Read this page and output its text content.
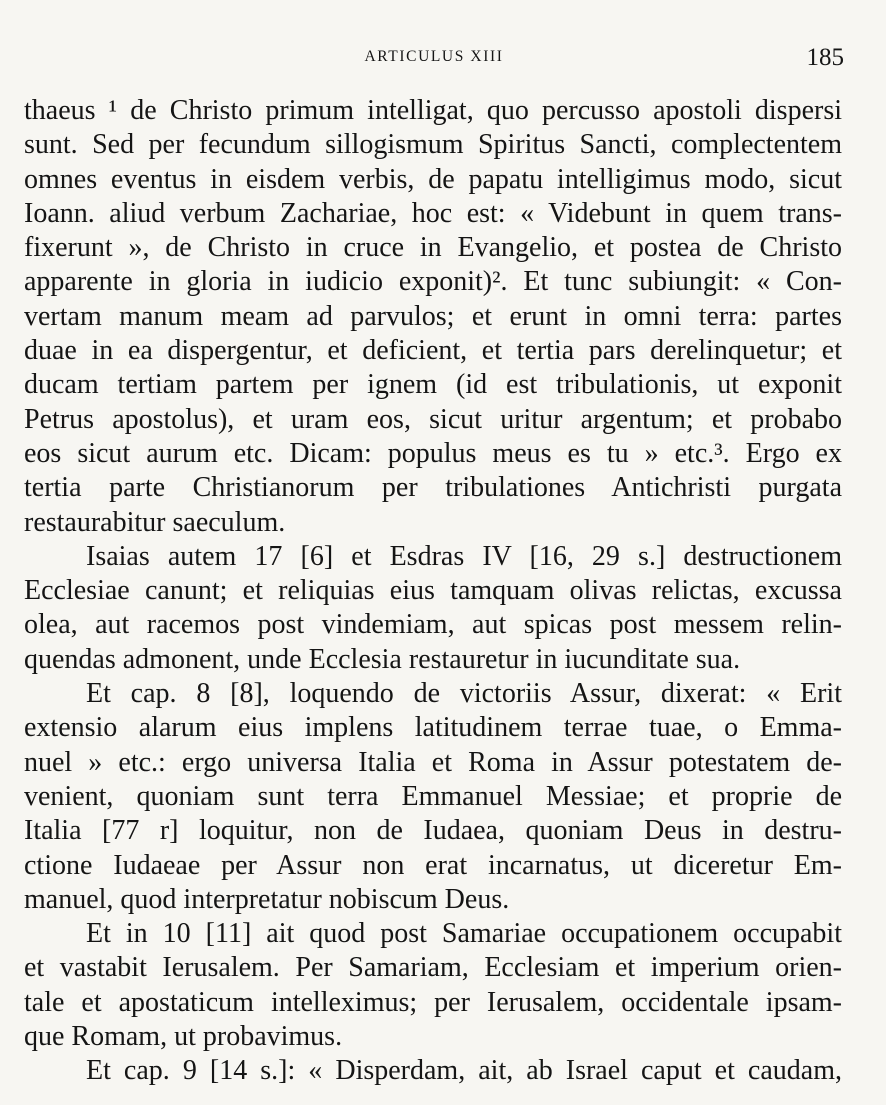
ARTICULUS XIII	185
thaeus ¹ de Christo primum intelligat, quo percusso apostoli dispersi
sunt. Sed per fecundum sillogismum Spiritus Sancti, complectentem
omnes eventus in eisdem verbis, de papatu intelligimus modo, sicut
Ioann. aliud verbum Zachariae, hoc est: « Videbunt in quem trans-
fixerunt », de Christo in cruce in Evangelio, et postea de Christo
apparente in gloria in iudicio exponit)². Et tunc subiungit: « Con-
vertam manum meam ad parvulos; et erunt in omni terra: partes
duae in ea dispergentur, et deficient, et tertia pars derelinquetur; et
ducam tertiam partem per ignem (id est tribulationis, ut exponit
Petrus apostolus), et uram eos, sicut uritur argentum; et probabo
eos sicut aurum etc. Dicam: populus meus es tu » etc.³. Ergo ex
tertia parte Christianorum per tribulationes Antichristi purgata
restaurabitur saeculum.
Isaias autem 17 [6] et Esdras IV [16, 29 s.] destructionem
Ecclesiae canunt; et reliquias eius tamquam olivas relictas, excussa
olea, aut racemos post vindemiam, aut spicas post messem relin-
quendas admonent, unde Ecclesia restauretur in iucunditate sua.
Et cap. 8 [8], loquendo de victoriis Assur, dixerat: « Erit
extensio alarum eius implens latitudinem terrae tuae, o Emma-
nuel » etc.: ergo universa Italia et Roma in Assur potestatem de-
venient, quoniam sunt terra Emmanuel Messiae; et proprie de
Italia [77 r] loquitur, non de Iudaea, quoniam Deus in destru-
ctione Iudaeae per Assur non erat incarnatus, ut diceretur Em-
manuel, quod interpretatur nobiscum Deus.
Et in 10 [11] ait quod post Samariae occupationem occupabit
et vastabit Ierusalem. Per Samariam, Ecclesiam et imperium orien-
tale et apostaticum intelleximus; per Ierusalem, occidentale ipsam-
que Romam, ut probavimus.
Et cap. 9 [14 s.]: « Disperdam, ait, ab Israel caput et caudam,
